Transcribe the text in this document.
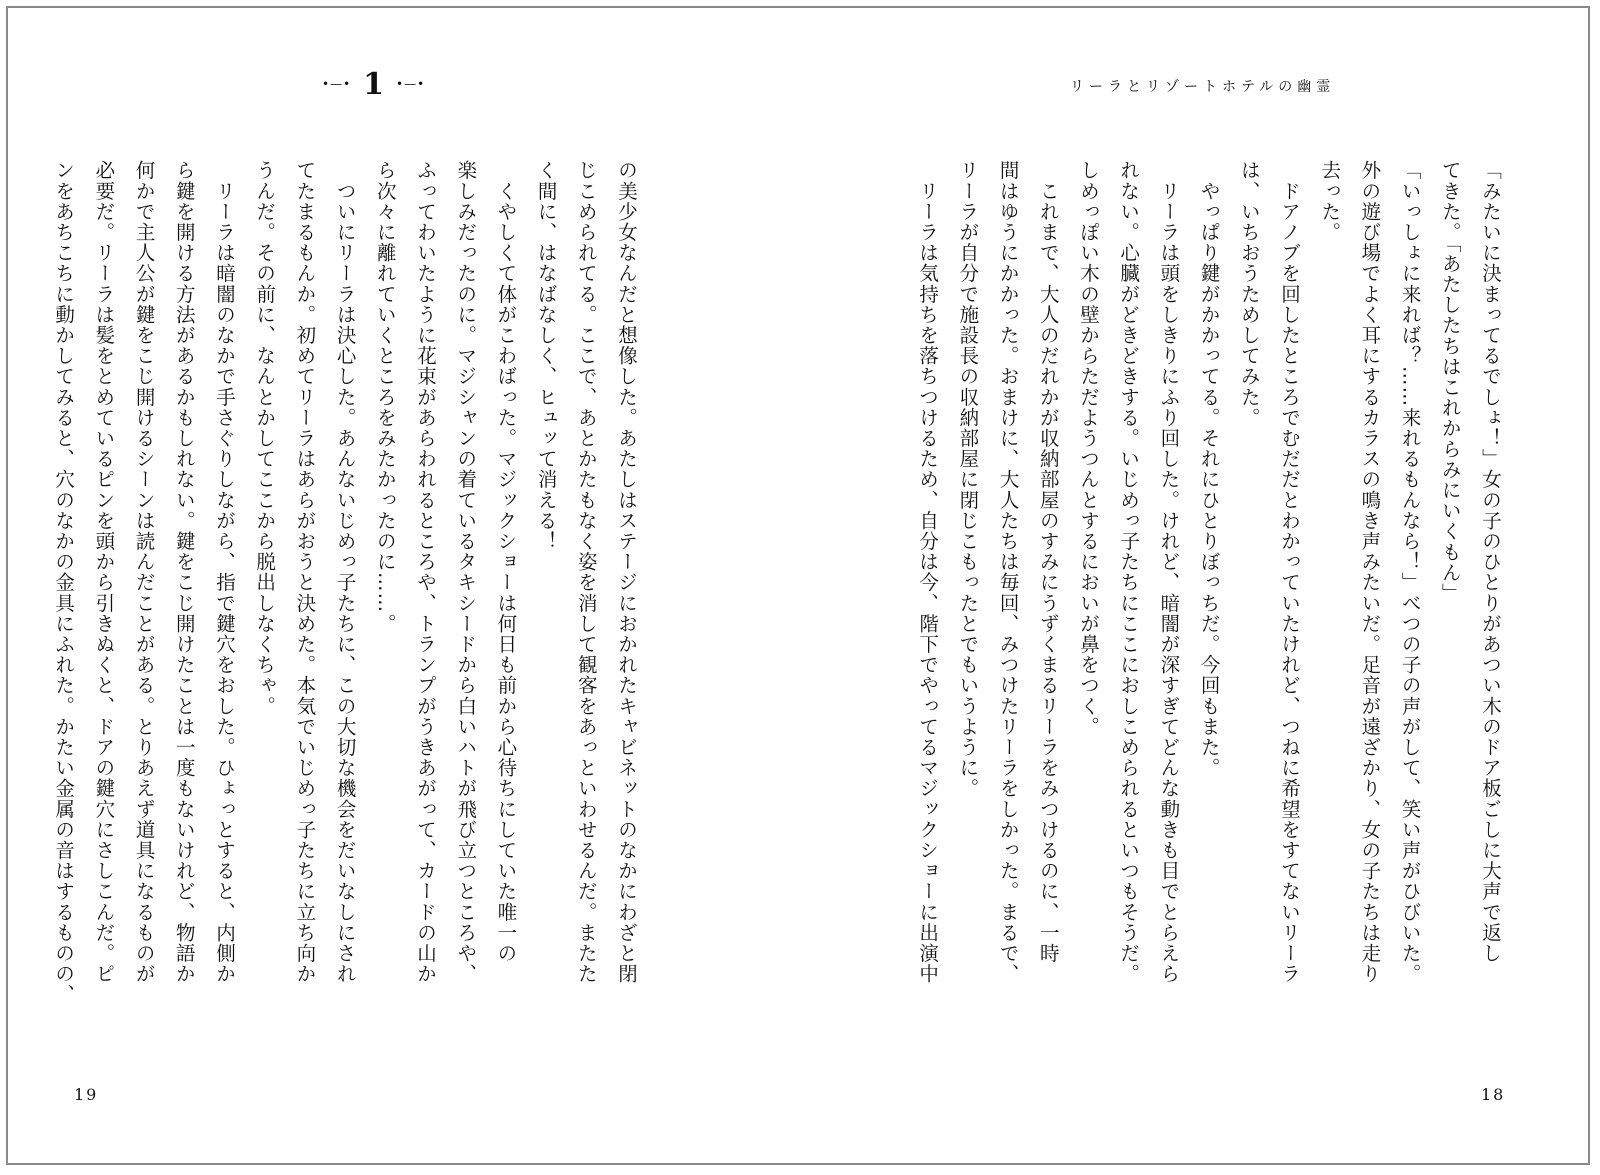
•—• 1 •—•
の美少女なんだと想像した。あたしはステージにおかれたキャビネットのなかにわざと閉
じこめられてる。ここで、あとかたもなく姿を消して観客をあっといわせるんだ。またた
く間に、はなばなしく、ヒュッて消える！
　くやしくて体がこわばった。マジックショーは何日も前から心待ちにしていた唯一の
楽しみだったのに。マジシャンの着ているタキシードから白いハトが飛び立つところや、
ふってわいたように花束があらわれるところや、トランプがうきあがって、カードの山か
ら次々に離れていくところをみたかったのに……。
　ついにリーラは決心した。あんないじめっ子たちに、この大切な機会をだいなしにされ
てたまるもんか。初めてリーラはあらがおうと決めた。本気でいじめっ子たちに立ち向か
うんだ。その前に、なんとかしてここから脱出しなくちゃ。
　リーラは暗闇のなかで手さぐりしながら、指で鍵穴をおした。ひょっとすると、内側か
ら鍵を開ける方法があるかもしれない。鍵をこじ開けたことは一度もないけれど、物語か
何かで主人公が鍵をこじ開けるシーンは読んだことがある。とりあえず道具になるものが
必要だ。リーラは髪をとめているピンを頭から引きぬくと、ドアの鍵穴にさしこんだ。ピ
ンをあちこちに動かしてみると、穴のなかの金具にふれた。かたい金属の音はするものの、
19
リーラとリゾートホテルの幽霊
「みたいに決まってるでしょ！」女の子のひとりがあつい木のドア板ごしに大声で返し
てきた。「あたしたちはこれからみにいくもん」
「いっしょに来れば？……来れるもんなら！」べつの子の声がして、笑い声がひびいた。
外の遊び場でよく耳にするカラスの鳴き声みたいだ。足音が遠ざかり、女の子たちは走り
去った。
　ドアノブを回したところでむだだとわかっていたけれど、つねに希望をすてないリーラ
は、いちおうためしてみた。
　やっぱり鍵がかかってる。それにひとりぼっちだ。今回もまた。
　リーラは頭をしきりにふり回した。けれど、暗闇が深すぎてどんな動きも目でとらえら
れない。心臓がどきどきする。いじめっ子たちにここにおしこめられるといつもそうだ。
しめっぽい木の壁からただようつんとするにおいが鼻をつく。
　これまで、大人のだれかが収納部屋のすみにうずくまるリーラをみつけるのに、一時
間はゆうにかかった。おまけに、大人たちは毎回、みつけたリーラをしかった。まるで、
リーラが自分で施設長の収納部屋に閉じこもったとでもいうように。
　リーラは気持ちを落ちつけるため、自分は今、階下でやってるマジックショーに出演中
18
